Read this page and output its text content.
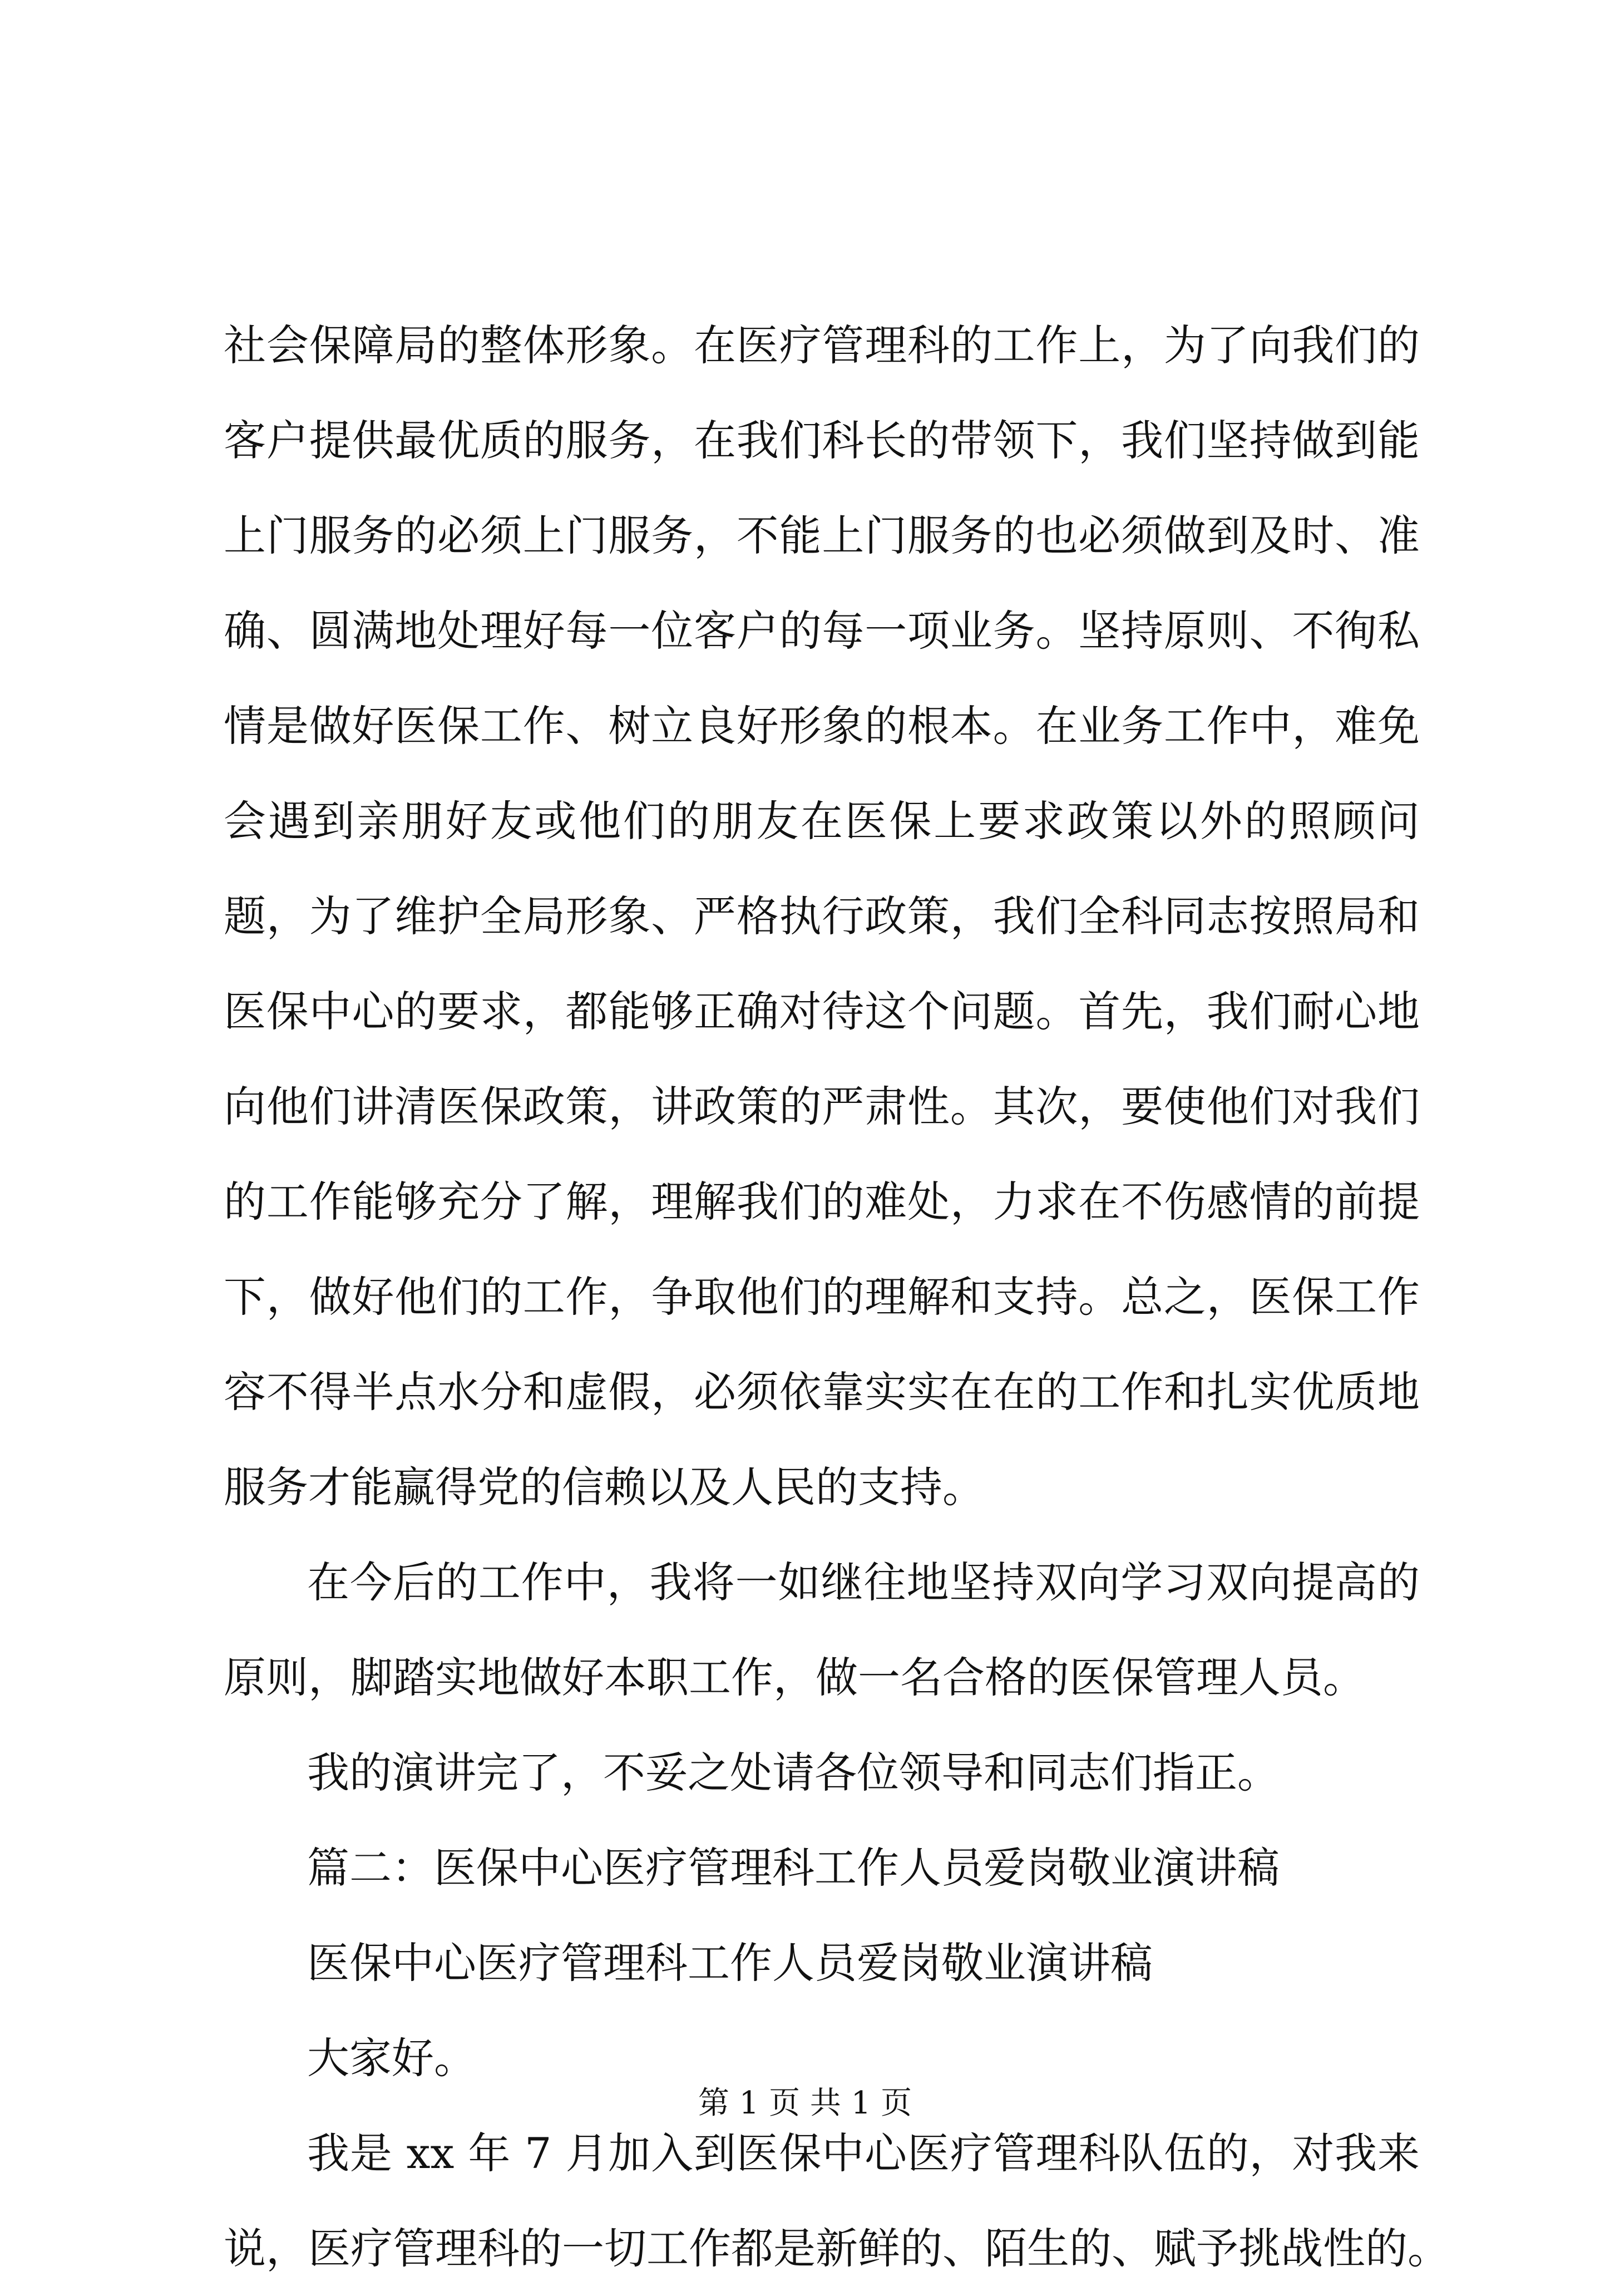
社会保障局的整体形象。在医疗管理科的工作上，为了向我们的
客户提供最优质的服务，在我们科长的带领下，我们坚持做到能
上门服务的必须上门服务，不能上门服务的也必须做到及时、准
确、圆满地处理好每一位客户的每一项业务。坚持原则、不徇私
情是做好医保工作、树立良好形象的根本。在业务工作中，难免
会遇到亲朋好友或他们的朋友在医保上要求政策以外的照顾问
题，为了维护全局形象、严格执行政策，我们全科同志按照局和
医保中心的要求，都能够正确对待这个问题。首先，我们耐心地
向他们讲清医保政策，讲政策的严肃性。其次，要使他们对我们
的工作能够充分了解，理解我们的难处，力求在不伤感情的前提
下，做好他们的工作，争取他们的理解和支持。总之，医保工作
容不得半点水分和虚假，必须依靠实实在在的工作和扎实优质地
服务才能赢得党的信赖以及人民的支持。
在今后的工作中，我将一如继往地坚持双向学习双向提高的
原则，脚踏实地做好本职工作，做一名合格的医保管理人员。
我的演讲完了，不妥之处请各位领导和同志们指正。
篇二：医保中心医疗管理科工作人员爱岗敬业演讲稿
医保中心医疗管理科工作人员爱岗敬业演讲稿
大家好。
我是 xx 年 7 月加入到医保中心医疗管理科队伍的，对我来
说，医疗管理科的一切工作都是新鲜的、陌生的、赋予挑战性的。
第 1 页 共 1 页
